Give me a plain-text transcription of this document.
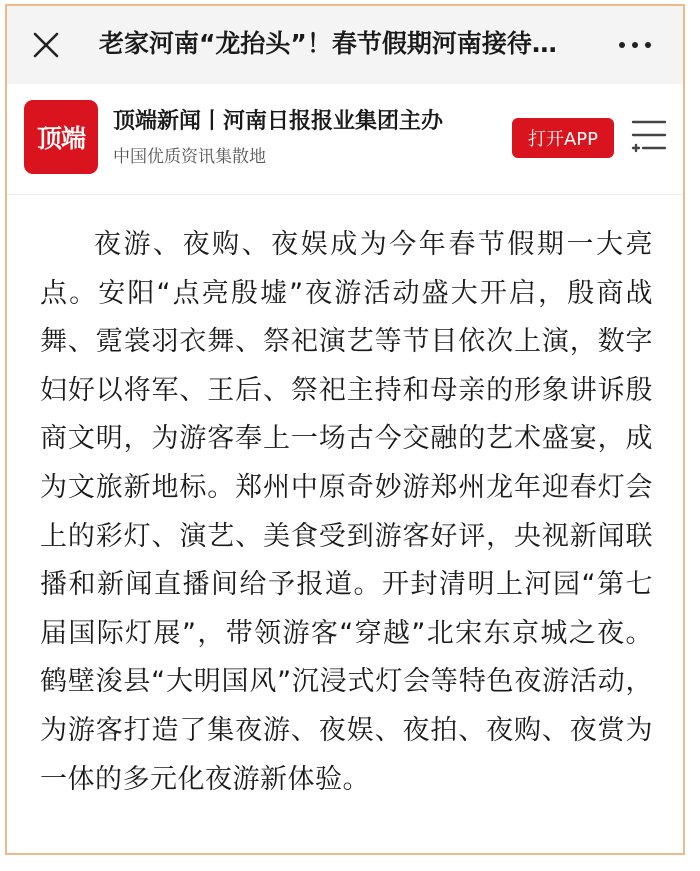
老家河南“龙抬头”！春节假期河南接待…
顶端
顶端新闻丨河南日报报业集团主办
中国优质资讯集散地
打开APP

夜游、夜购、夜娱成为今年春节假期一大亮点。安阳“点亮殷墟”夜游活动盛大开启，殷商战舞、霓裳羽衣舞、祭祀演艺等节目依次上演，数字妇好以将军、王后、祭祀主持和母亲的形象讲诉殷商文明，为游客奉上一场古今交融的艺术盛宴，成为文旅新地标。郑州中原奇妙游郑州龙年迎春灯会上的彩灯、演艺、美食受到游客好评，央视新闻联播和新闻直播间给予报道。开封清明上河园“第七届国际灯展”，带领游客“穿越”北宋东京城之夜。鹤壁浚县“大明国风”沉浸式灯会等特色夜游活动，为游客打造了集夜游、夜娱、夜拍、夜购、夜赏为一体的多元化夜游新体验。
